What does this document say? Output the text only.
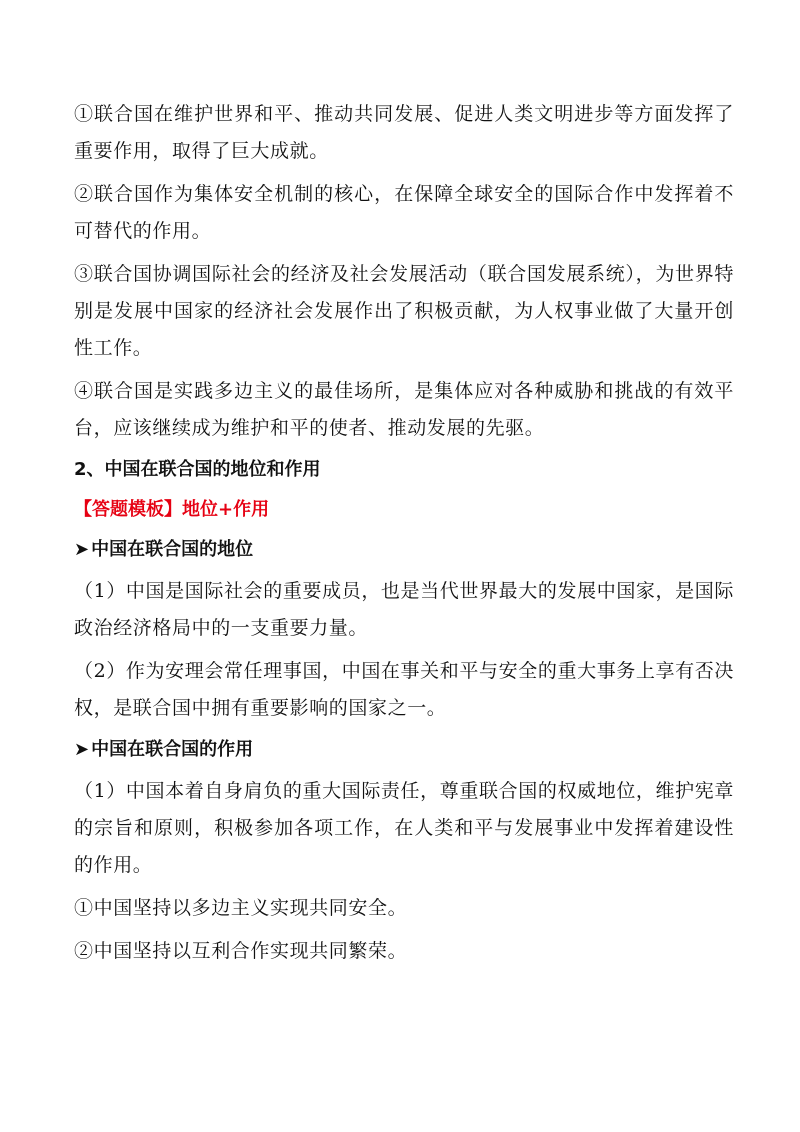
①联合国在维护世界和平、推动共同发展、促进人类文明进步等方面发挥了重要作用，取得了巨大成就。

②联合国作为集体安全机制的核心，在保障全球安全的国际合作中发挥着不可替代的作用。

③联合国协调国际社会的经济及社会发展活动（联合国发展系统），为世界特别是发展中国家的经济社会发展作出了积极贡献，为人权事业做了大量开创性工作。

④联合国是实践多边主义的最佳场所，是集体应对各种威胁和挑战的有效平台，应该继续成为维护和平的使者、推动发展的先驱。

2、中国在联合国的地位和作用
【答题模板】地位+作用
➤ 中国在联合国的地位

（1）中国是国际社会的重要成员，也是当代世界最大的发展中国家，是国际政治经济格局中的一支重要力量。

（2）作为安理会常任理事国，中国在事关和平与安全的重大事务上享有否决权，是联合国中拥有重要影响的国家之一。

➤ 中国在联合国的作用

（1）中国本着自身肩负的重大国际责任，尊重联合国的权威地位，维护宪章的宗旨和原则，积极参加各项工作，在人类和平与发展事业中发挥着建设性的作用。

①中国坚持以多边主义实现共同安全。

②中国坚持以互利合作实现共同繁荣。
